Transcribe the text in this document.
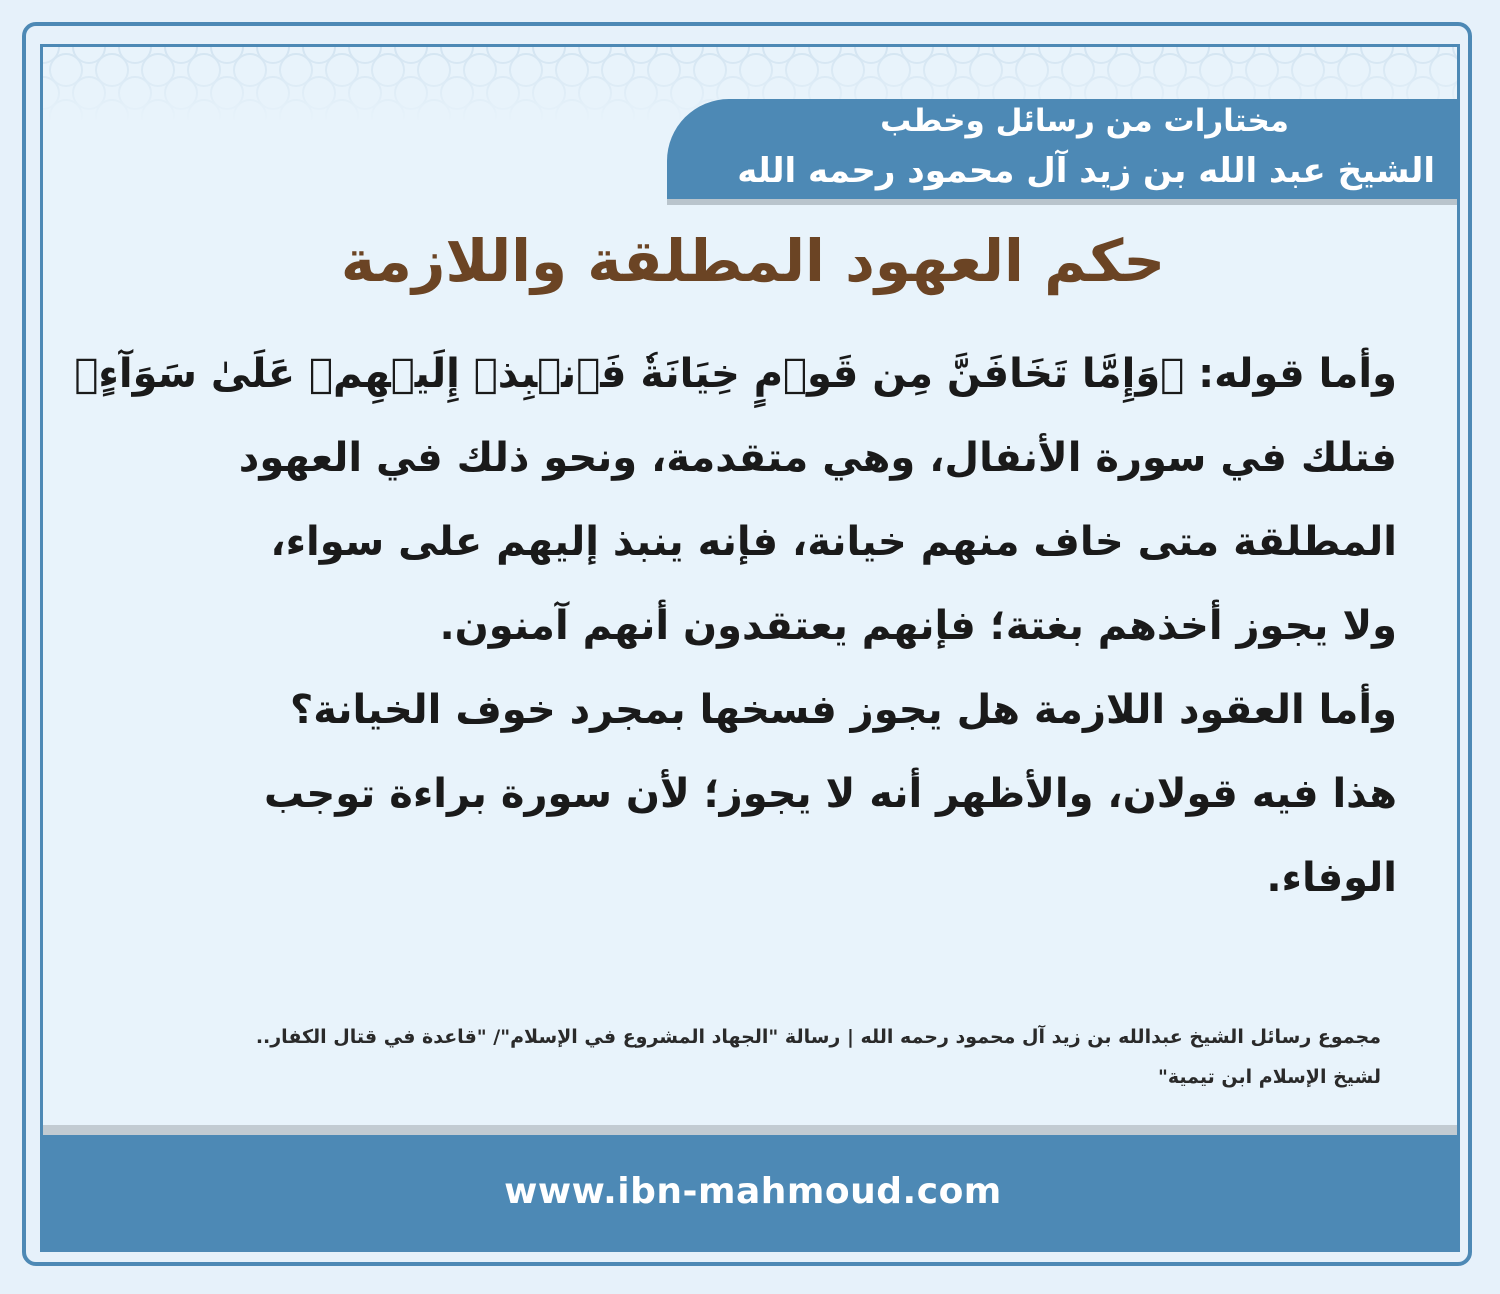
مختارات من رسائل وخطب
الشيخ عبد الله بن زيد آل محمود رحمه الله
حكم العهود المطلقة واللازمة
وأما قوله: ﴿وَإِمَّا تَخَافَنَّ مِن قَوۡمٍ خِيَانَةٗ فَٱنۢبِذۡ إِلَيۡهِمۡ عَلَىٰ سَوَآءٍ﴾
فتلك في سورة الأنفال، وهي متقدمة، ونحو ذلك في العهود
المطلقة متى خاف منهم خيانة، فإنه ينبذ إليهم على سواء،
ولا يجوز أخذهم بغتة؛ فإنهم يعتقدون أنهم آمنون.
وأما العقود اللازمة هل يجوز فسخها بمجرد خوف الخيانة؟
هذا فيه قولان، والأظهر أنه لا يجوز؛ لأن سورة براءة توجب
الوفاء.
مجموع رسائل الشيخ عبدالله بن زيد آل محمود رحمه الله | رسالة "الجهاد المشروع في الإسلام"/ "قاعدة في قتال الكفار..
لشيخ الإسلام ابن تيمية"
www.ibn-mahmoud.com
